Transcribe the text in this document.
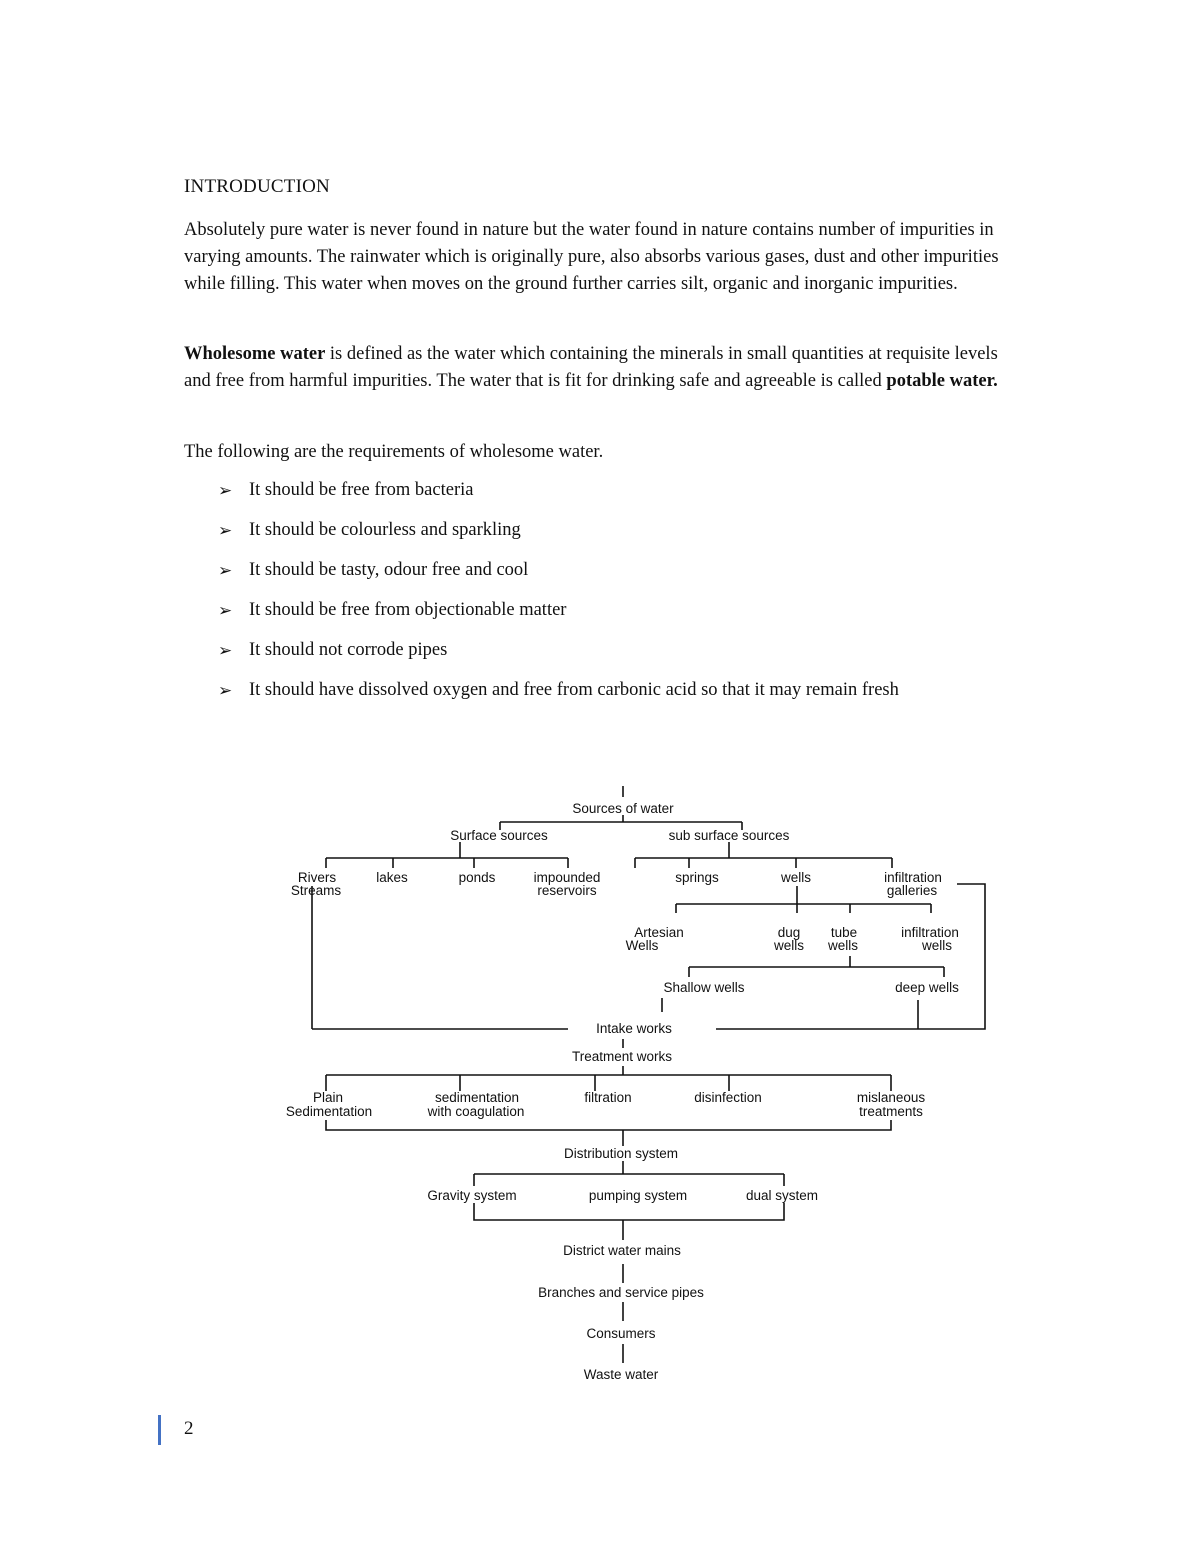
INTRODUCTION

Absolutely pure water is never found in nature but the water found in nature contains number of impurities in varying amounts. The rainwater which is originally pure, also absorbs various gases, dust and other impurities while filling. This water when moves on the ground further carries silt, organic and inorganic impurities.

Wholesome water is defined as the water which containing the minerals in small quantities at requisite levels and free from harmful impurities. The water that is fit for drinking safe and agreeable is called potable water.

The following are the requirements of wholesome water.

➢ It should be free from bacteria
➢ It should be colourless and sparkling
➢ It should be tasty, odour free and cool
➢ It should be free from objectionable matter
➢ It should not corrode pipes
➢ It should have dissolved oxygen and free from carbonic acid so that it may remain fresh
Sources of water
Surface sources	sub surface sources
Rivers
Streams
lakes	ponds	impounded
reservoirs
springs	wells	infiltration
galleries
Artesian
Wells
dug
wells
tube
wells
infiltration
wells
Shallow wells	deep wells
Intake works
Treatment works
Plain
Sedimentation
sedimentation
with coagulation
filtration	disinfection	mislaneous
treatments
Distribution system
Gravity system	pumping system	dual system
District water mains
Branches and service pipes
Consumers
Waste water
2
